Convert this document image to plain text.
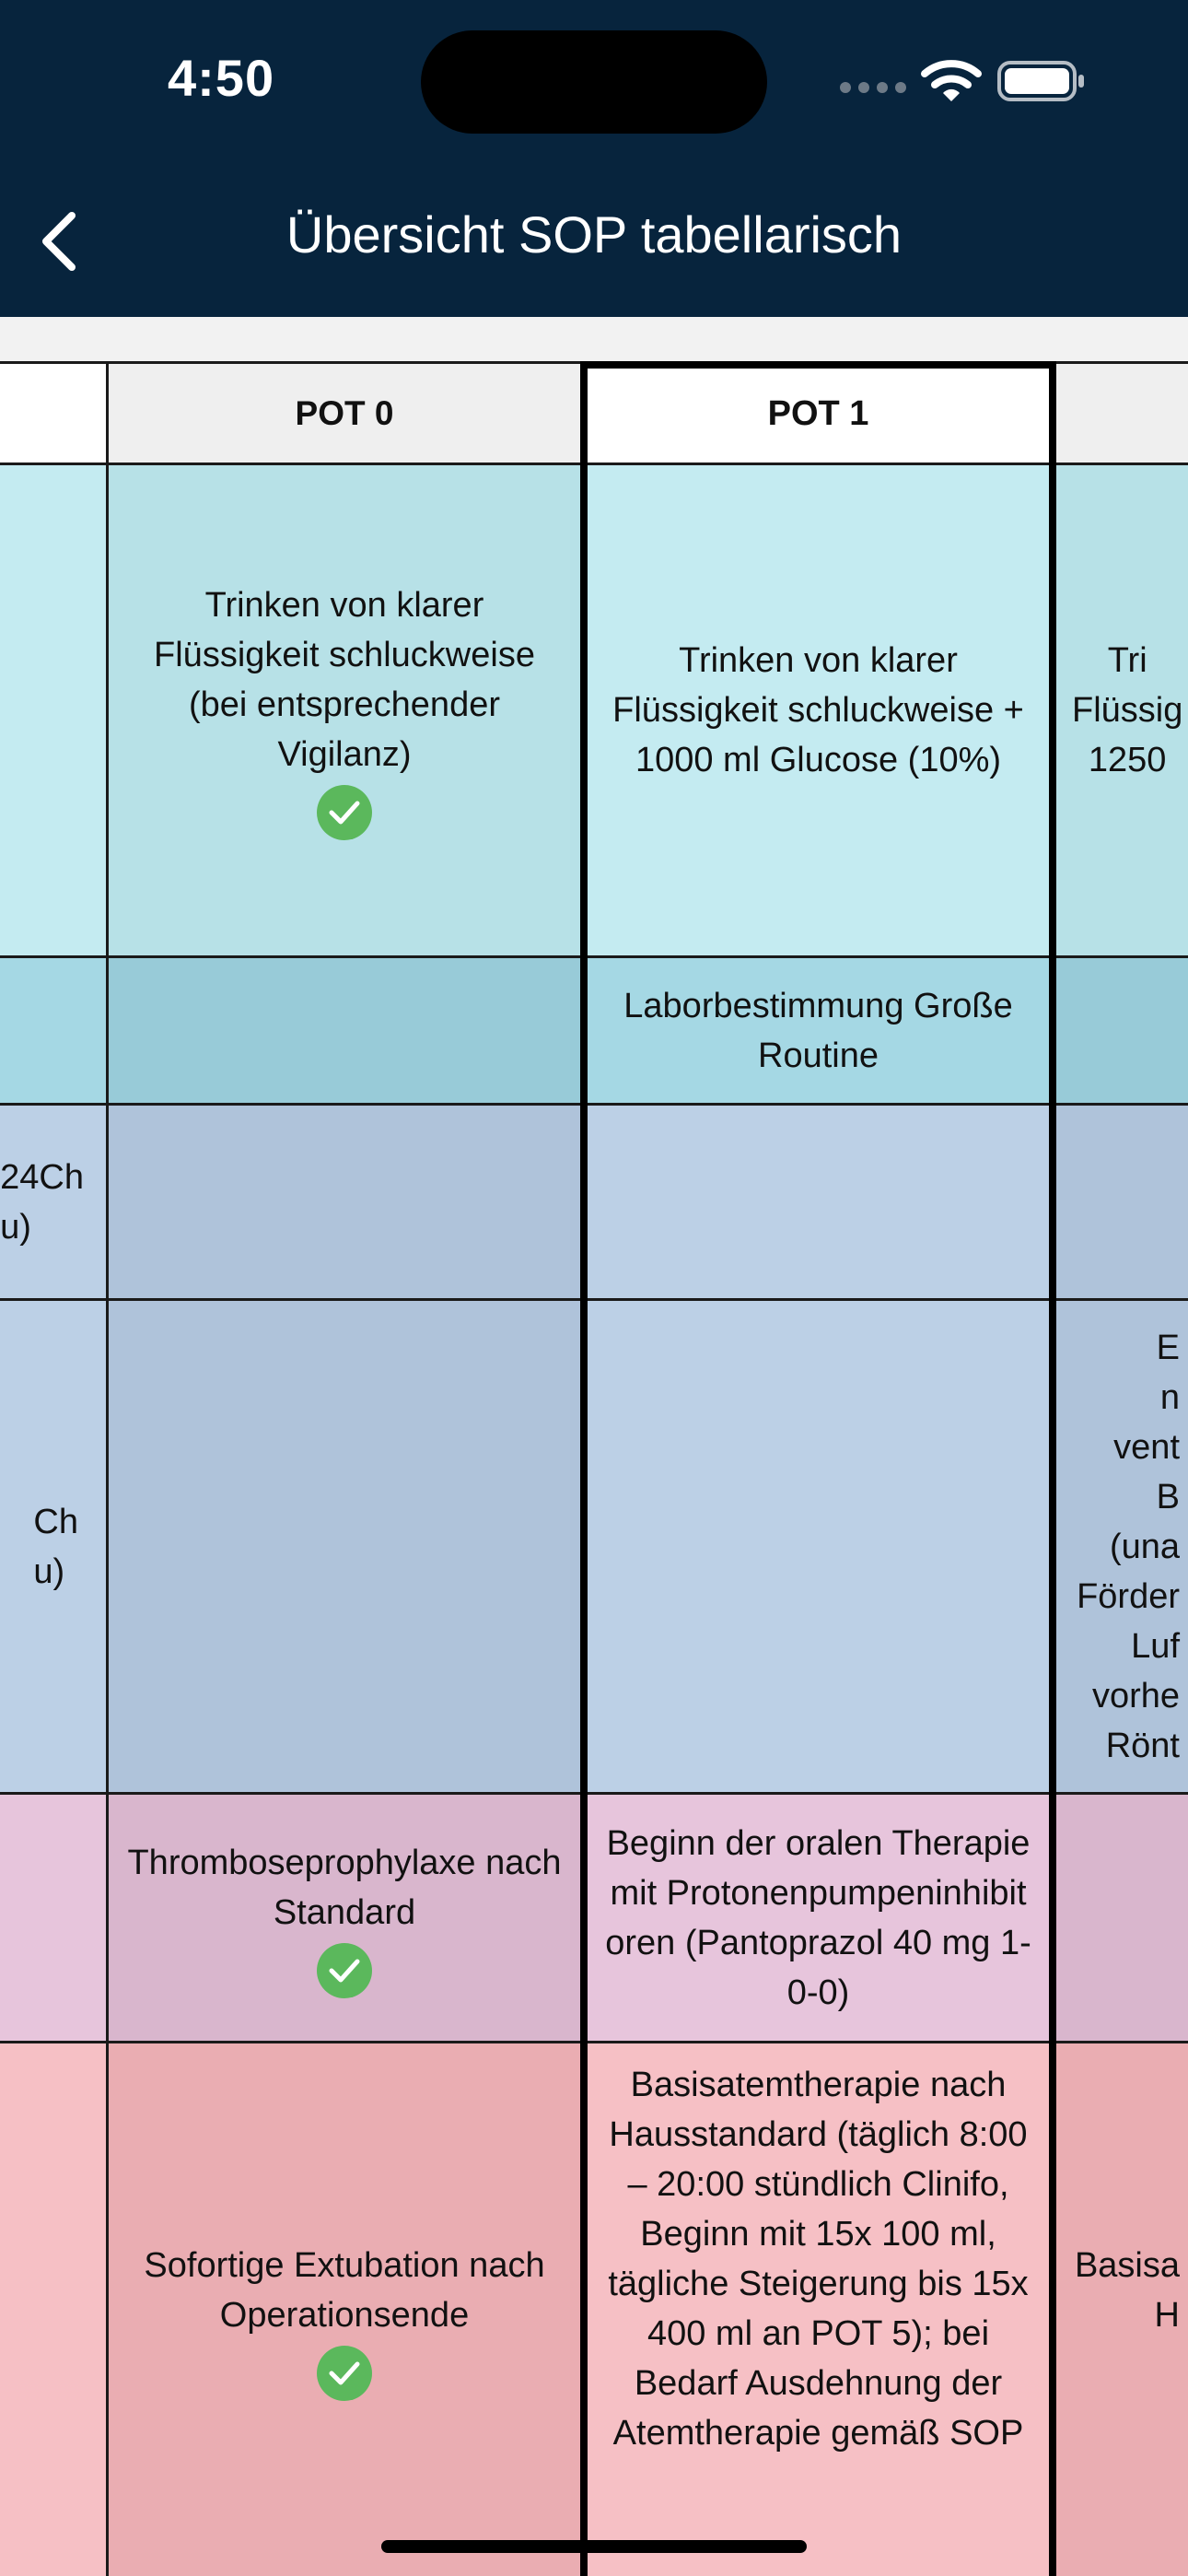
4:50
Übersicht SOP tabellarisch
POT 0	POT 1
Trinken von klarer Flüssigkeit schluckweise (bei entsprechender Vigilanz)
Trinken von klarer Flüssigkeit schluckweise + 1000 ml Glucose (10%)
Tri
Flüssig
1250
Laborbestimmung Große Routine
24Ch
u)
Ch
u)
E
n
vent
B
(una
Förder
Luf
vorhe
Rönt
Thromboseprophylaxe nach Standard
Beginn der oralen Therapie mit Protonenpumpeninhibitoren (Pantoprazol 40 mg 1-0-0)
Sofortige Extubation nach Operationsende
Basisatemtherapie nach Hausstandard (täglich 8:00 – 20:00 stündlich Clinifo, Beginn mit 15x 100 ml, tägliche Steigerung bis 15x 400 ml an POT 5); bei Bedarf Ausdehnung der Atemtherapie gemäß SOP
Basisa
H
